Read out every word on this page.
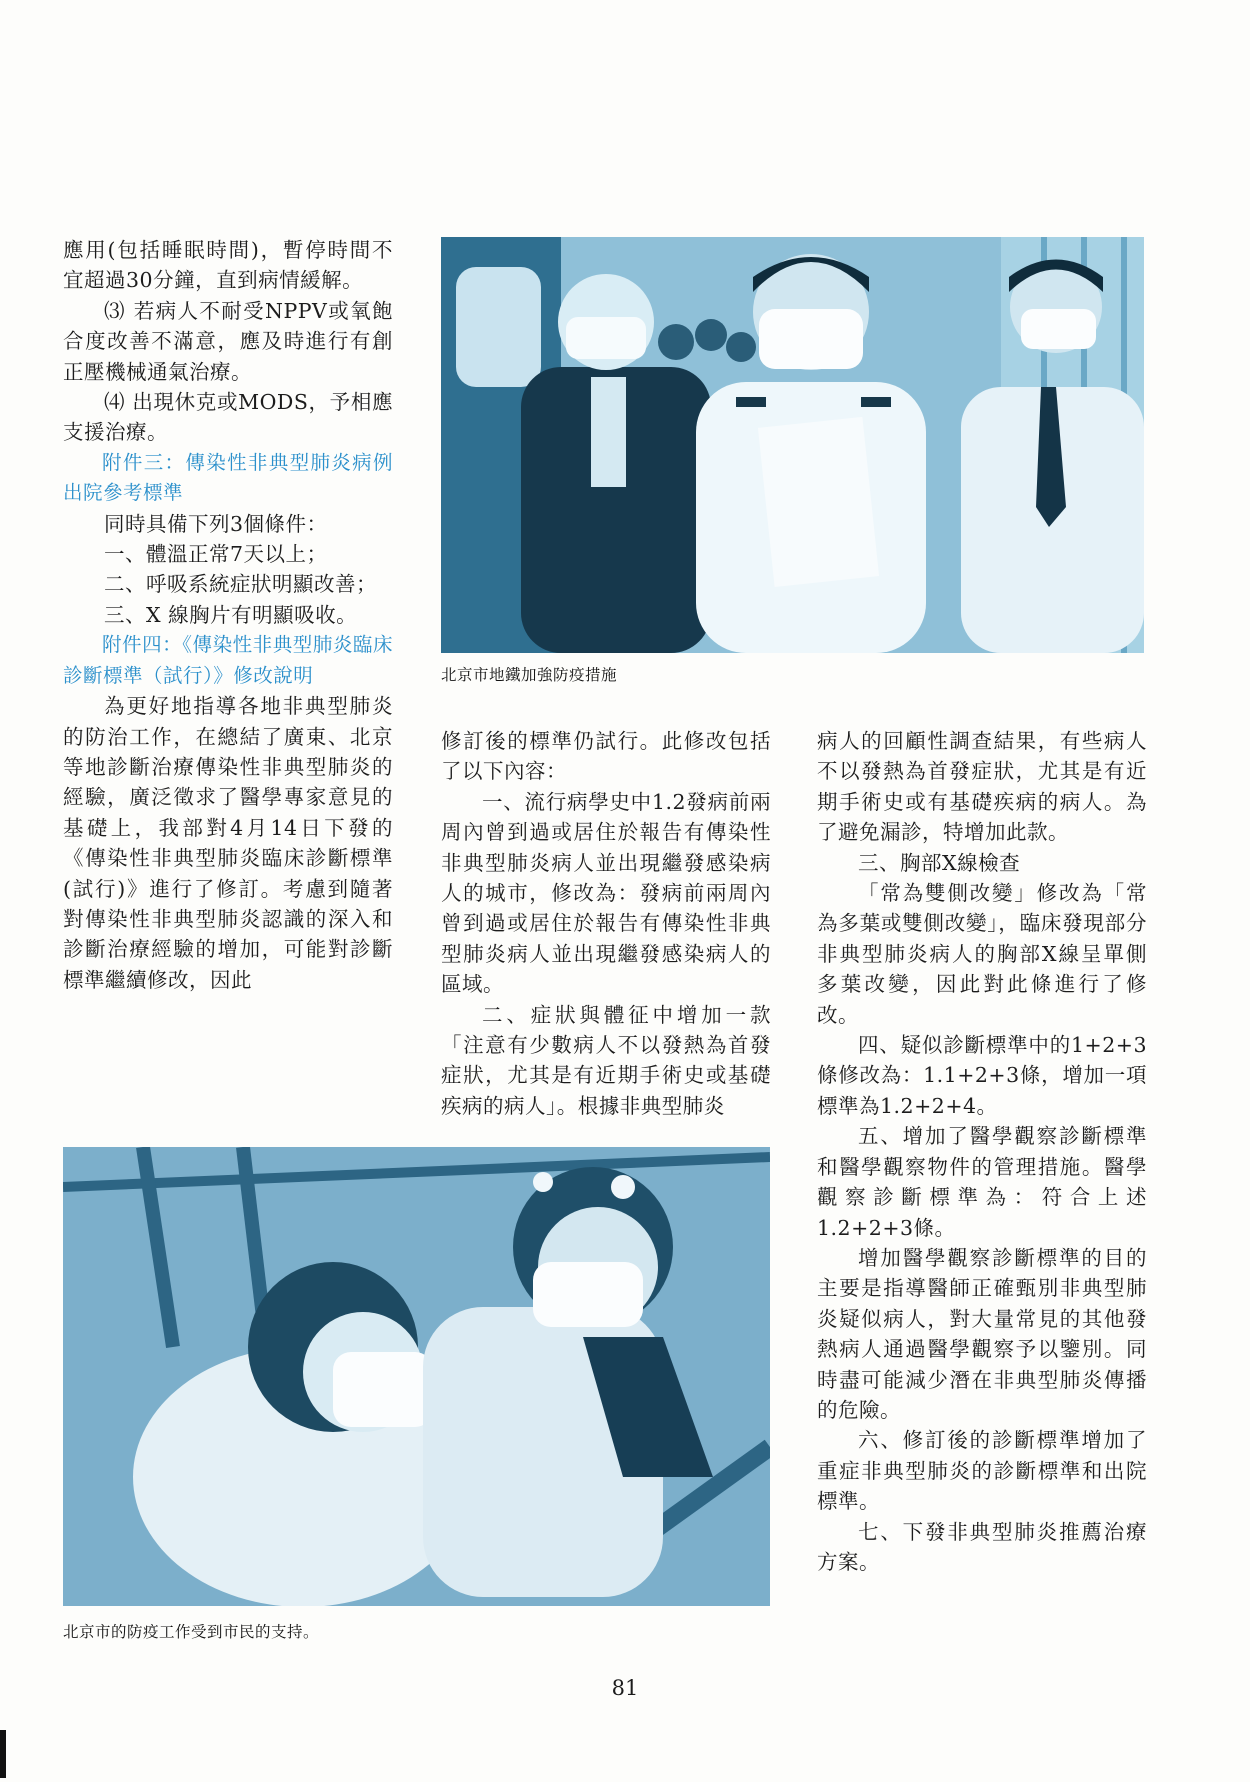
應用(包括睡眠時間)，暫停時間不宜超過30分鐘，直到病情緩解。

⑶ 若病人不耐受NPPV或氧飽合度改善不滿意，應及時進行有創正壓機械通氣治療。

⑷ 出現休克或MODS，予相應支援治療。

附件三：傳染性非典型肺炎病例出院參考標準

同時具備下列3個條件：

一、體溫正常7天以上；

二、呼吸系統症狀明顯改善；

三、X 線胸片有明顯吸收。

附件四：《傳染性非典型肺炎臨床診斷標準（試行）》修改說明

為更好地指導各地非典型肺炎的防治工作，在總結了廣東、北京等地診斷治療傳染性非典型肺炎的經驗，廣泛徵求了醫學專家意見的基礎上，我部對4月14日下發的《傳染性非典型肺炎臨床診斷標準(試行)》進行了修訂。考慮到隨著對傳染性非典型肺炎認識的深入和診斷治療經驗的增加，可能對診斷標準繼續修改，因此

修訂後的標準仍試行。此修改包括了以下內容：

一、流行病學史中1.2發病前兩周內曾到過或居住於報告有傳染性非典型肺炎病人並出現繼發感染病人的城市，修改為：發病前兩周內曾到過或居住於報告有傳染性非典型肺炎病人並出現繼發感染病人的區域。

二、症狀與體征中增加一款「注意有少數病人不以發熱為首發症狀，尤其是有近期手術史或基礎疾病的病人」。根據非典型肺炎

病人的回顧性調查結果，有些病人不以發熱為首發症狀，尤其是有近期手術史或有基礎疾病的病人。為了避免漏診，特增加此款。

三、胸部X線檢查

「常為雙側改變」修改為「常為多葉或雙側改變」，臨床發現部分非典型肺炎病人的胸部X線呈單側多葉改變，因此對此條進行了修改。

四、疑似診斷標準中的1+2+3條修改為：1.1+2+3條，增加一項標準為1.2+2+4。

五、增加了醫學觀察診斷標準和醫學觀察物件的管理措施。醫學觀察診斷標準為：符合上述1.2+2+3條。

增加醫學觀察診斷標準的目的主要是指導醫師正確甄別非典型肺炎疑似病人，對大量常見的其他發熱病人通過醫學觀察予以鑒別。同時盡可能減少潛在非典型肺炎傳播的危險。

六、修訂後的診斷標準增加了重症非典型肺炎的診斷標準和出院標準。

七、下發非典型肺炎推薦治療方案。

北京市地鐵加強防疫措施
北京市的防疫工作受到市民的支持。
81
